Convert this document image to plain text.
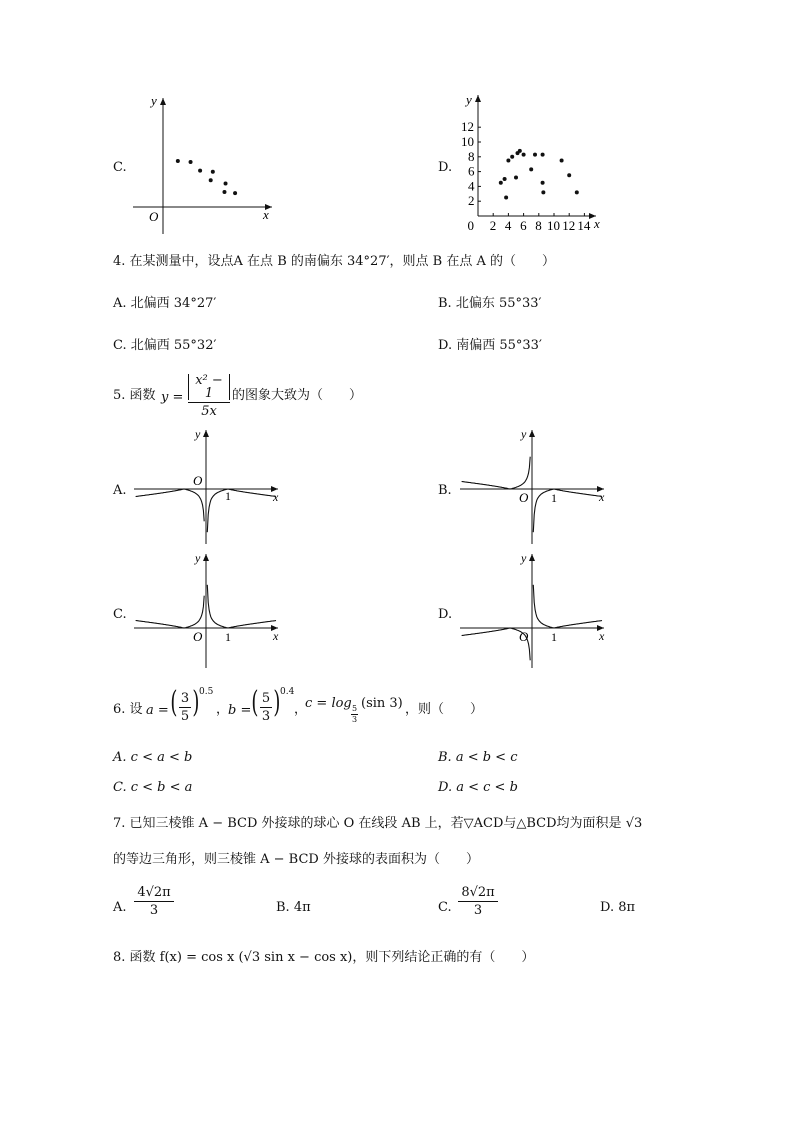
C.
O	x
y
D.
x
y
0 2 4 6 8 10 12 14
2
4
6
8
10
12
4. 在某测量中，设点A 在点 B 的南偏东 34°27′，则点 B 在点 A 的（　　）
A. 北偏西 34°27′	B. 北偏东 55°33′
C. 北偏西 55°32′	D. 南偏西 55°33′
5. 函数 y =
x² − 1
5x
的图象大致为（　　）
A.	x
y
O
1	B.	x
y
O 1
C.
x
y
O 1
D.
x
y
O 1
6. 设 a = ( 3
5 ) 0.5
，
b = ( 5
3 ) 0.4
，
c = log 5
3
(sin 3) ，则（　　）
A. c < a < b	B. a < b < c
C. c < b < a	D. a < c < b
7. 已知三棱锥 A − BCD 外接球的球心 O 在线段 AB 上，若▽ACD与△BCD均为面积是 √3
的等边三角形，则三棱锥 A − BCD 外接球的表面积为（　　）
A.
4√2π
3	B. 4π	C.
8√2π
3	D. 8π
8. 函数 f(x) = cos x (√3 sin x − cos x)，则下列结论正确的有（　　）
